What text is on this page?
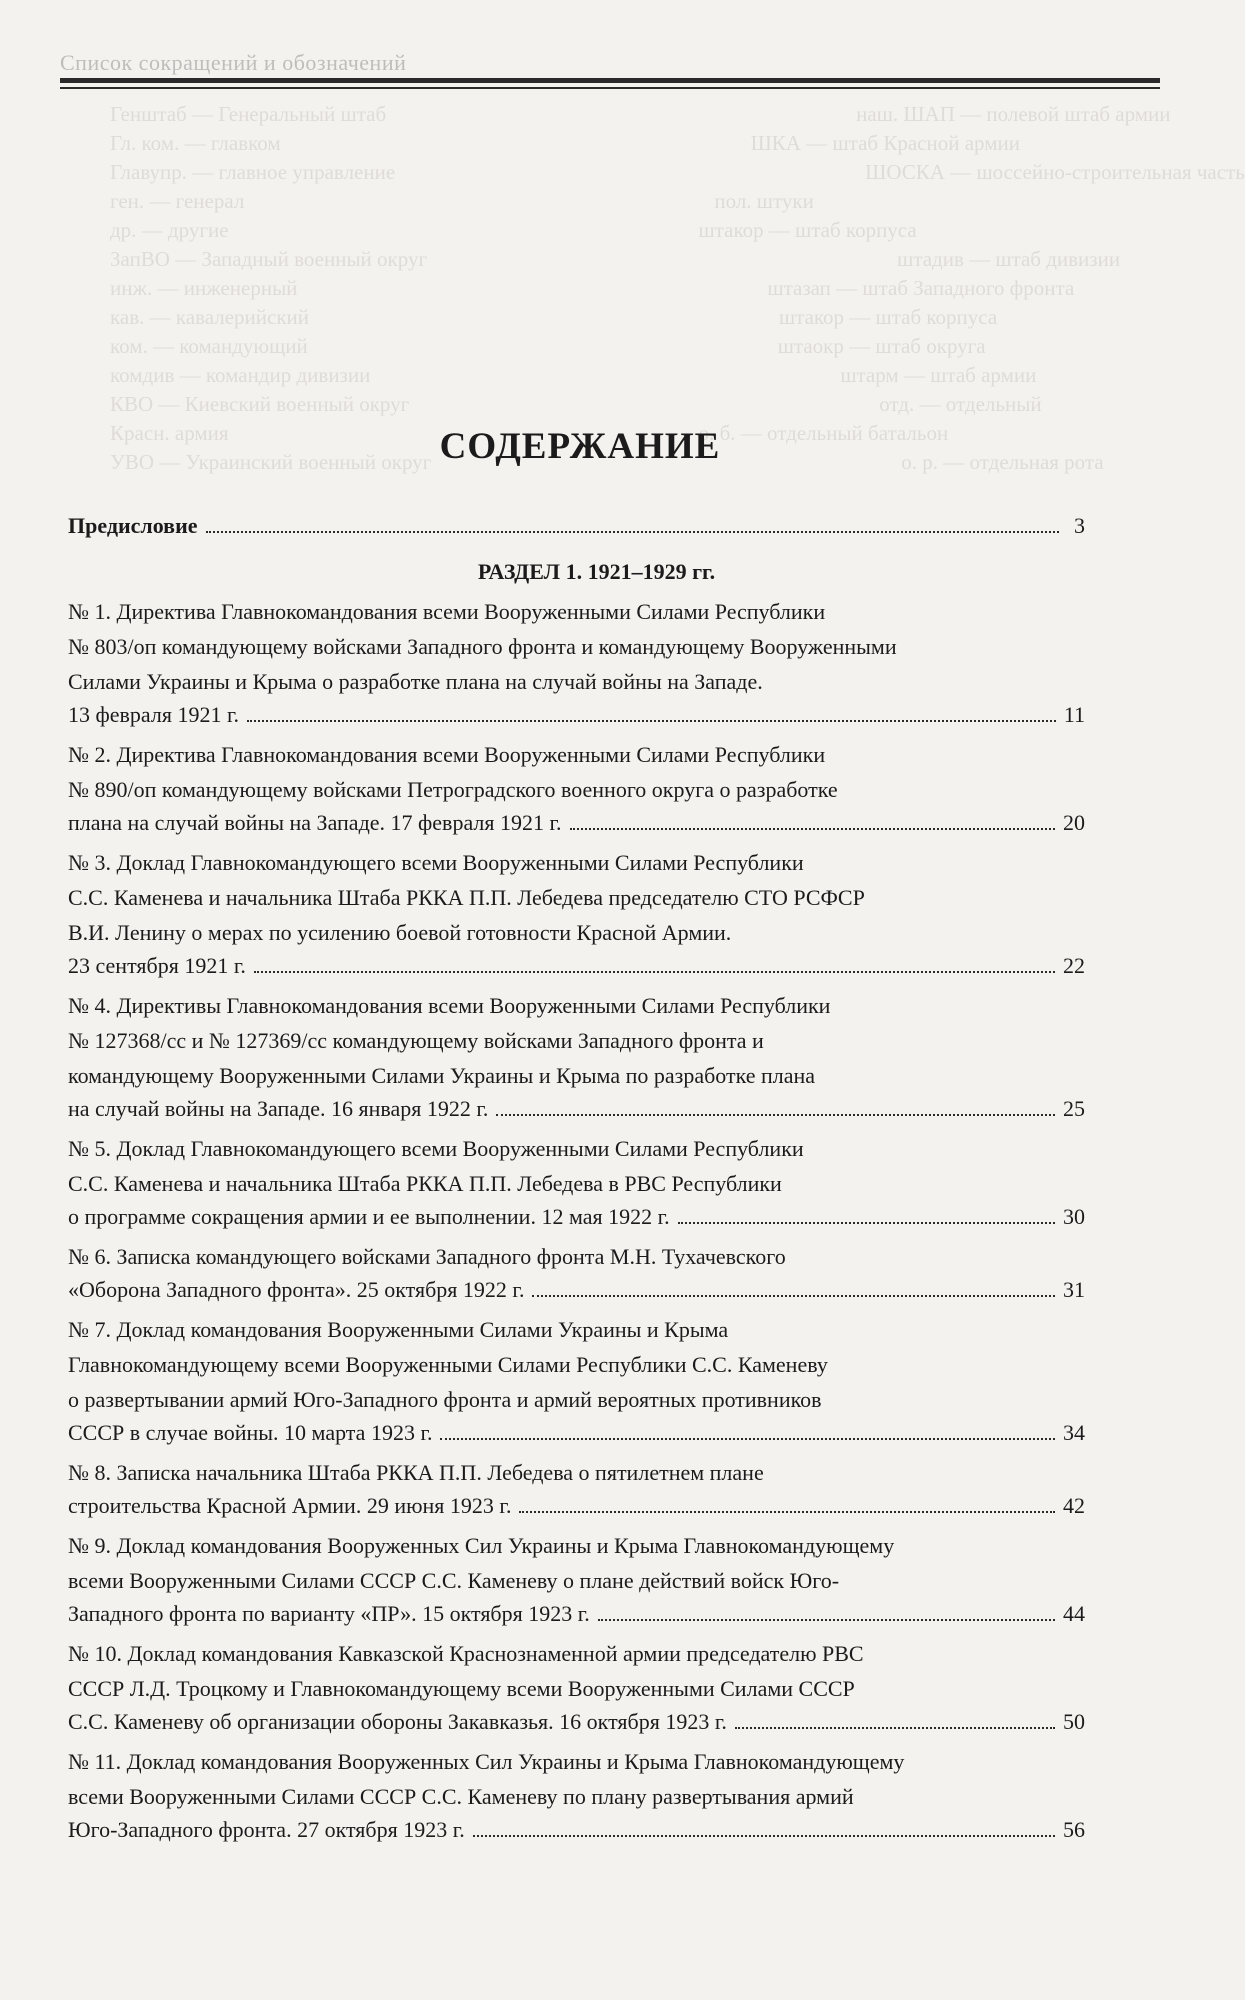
Список сокращений и обозначений
Генштаб — Генеральный штаб	наш. ШАП — полевой штаб армии
Гл. ком. — главком	ШКА — штаб Красной армии
Главупр. — главное управление	ШОСКА — шоссейно-строительная часть
ген. — генерал	пол. штуки
др. — другие	штакор — штаб корпуса
ЗапВО — Западный военный округ	штадив — штаб дивизии
инж. — инженерный	штазап — штаб Западного фронта
кав. — кавалерийский	штакор — штаб корпуса
ком. — командующий	штаокр — штаб округа
комдив — командир дивизии	штарм — штаб армии
КВО — Киевский военный округ	отд. — отдельный
Красн. армия	о. б. — отдельный батальон
УВО — Украинский военный округ	о. р. — отдельная рота
СОДЕРЖАНИЕ
Предисловие	3
РАЗДЕЛ 1. 1921–1929 гг.
№ 1. Директива Главнокомандования всеми Вооруженными Силами Республики
№ 803/оп командующему войсками Западного фронта и командующему Вооруженными
Силами Украины и Крыма о разработке плана на случай войны на Западе.
13 февраля 1921 г.	11
№ 2. Директива Главнокомандования всеми Вооруженными Силами Республики
№ 890/оп командующему войсками Петроградского военного округа о разработке
плана на случай войны на Западе. 17 февраля 1921 г.	20
№ 3. Доклад Главнокомандующего всеми Вооруженными Силами Республики
С.С. Каменева и начальника Штаба РККА П.П. Лебедева председателю СТО РСФСР
В.И. Ленину о мерах по усилению боевой готовности Красной Армии.
23 сентября 1921 г.	22
№ 4. Директивы Главнокомандования всеми Вооруженными Силами Республики
№ 127368/сс и № 127369/сс командующему войсками Западного фронта и
командующему Вооруженными Силами Украины и Крыма по разработке плана
на случай войны на Западе. 16 января 1922 г.	25
№ 5. Доклад Главнокомандующего всеми Вооруженными Силами Республики
С.С. Каменева и начальника Штаба РККА П.П. Лебедева в РВС Республики
о программе сокращения армии и ее выполнении. 12 мая 1922 г.	30
№ 6. Записка командующего войсками Западного фронта М.Н. Тухачевского
«Оборона Западного фронта». 25 октября 1922 г.	31
№ 7. Доклад командования Вооруженными Силами Украины и Крыма
Главнокомандующему всеми Вооруженными Силами Республики С.С. Каменеву
о развертывании армий Юго-Западного фронта и армий вероятных противников
СССР в случае войны. 10 марта 1923 г.	34
№ 8. Записка начальника Штаба РККА П.П. Лебедева о пятилетнем плане
строительства Красной Армии. 29 июня 1923 г.	42
№ 9. Доклад командования Вооруженных Сил Украины и Крыма Главнокомандующему
всеми Вооруженными Силами СССР С.С. Каменеву о плане действий войск Юго-
Западного фронта по варианту «ПР». 15 октября 1923 г.	44
№ 10. Доклад командования Кавказской Краснознаменной армии председателю РВС
СССР Л.Д. Троцкому и Главнокомандующему всеми Вооруженными Силами СССР
С.С. Каменеву об организации обороны Закавказья. 16 октября 1923 г.	50
№ 11. Доклад командования Вооруженных Сил Украины и Крыма Главнокомандующему
всеми Вооруженными Силами СССР С.С. Каменеву по плану развертывания армий
Юго-Западного фронта. 27 октября 1923 г.	56
